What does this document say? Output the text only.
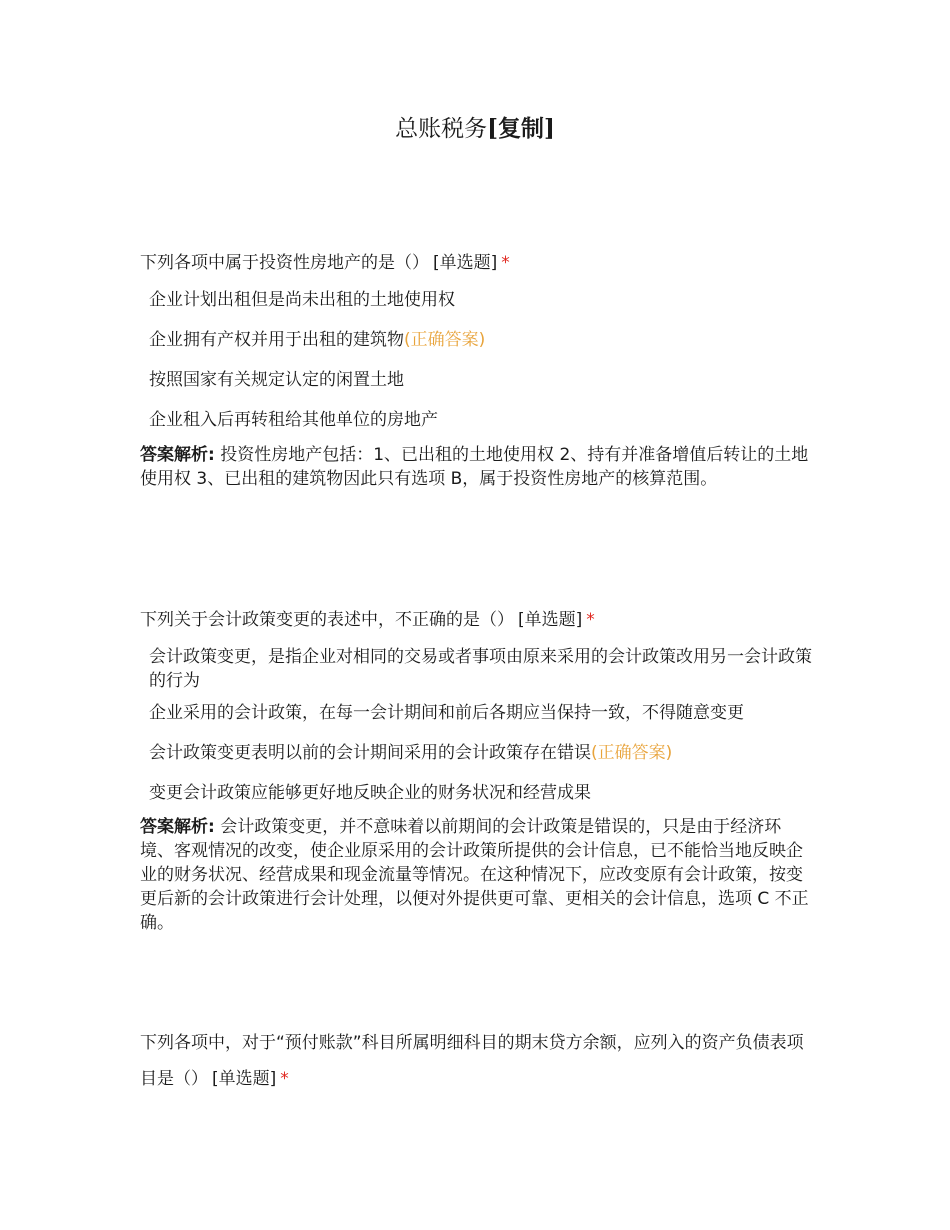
总账税务[复制]

下列各项中属于投资性房地产的是（） [单选题] *

企业计划出租但是尚未出租的土地使用权
企业拥有产权并用于出租的建筑物(正确答案)
按照国家有关规定认定的闲置土地
企业租入后再转租给其他单位的房地产

答案解析: 投资性房地产包括：1、已出租的土地使用权 2、持有并准备增值后转让的土地使用权 3、已出租的建筑物因此只有选项 B，属于投资性房地产的核算范围。

下列关于会计政策变更的表述中，不正确的是（） [单选题] *

会计政策变更，是指企业对相同的交易或者事项由原来采用的会计政策改用另一会计政策的行为
企业采用的会计政策，在每一会计期间和前后各期应当保持一致，不得随意变更
会计政策变更表明以前的会计期间采用的会计政策存在错误(正确答案)
变更会计政策应能够更好地反映企业的财务状况和经营成果

答案解析: 会计政策变更，并不意味着以前期间的会计政策是错误的，只是由于经济环境、客观情况的改变，使企业原采用的会计政策所提供的会计信息，已不能恰当地反映企业的财务状况、经营成果和现金流量等情况。在这种情况下，应改变原有会计政策，按变更后新的会计政策进行会计处理，以便对外提供更可靠、更相关的会计信息，选项 C 不正确。

下列各项中，对于“预付账款”科目所属明细科目的期末贷方余额，应列入的资产负债表项目是（） [单选题] *
